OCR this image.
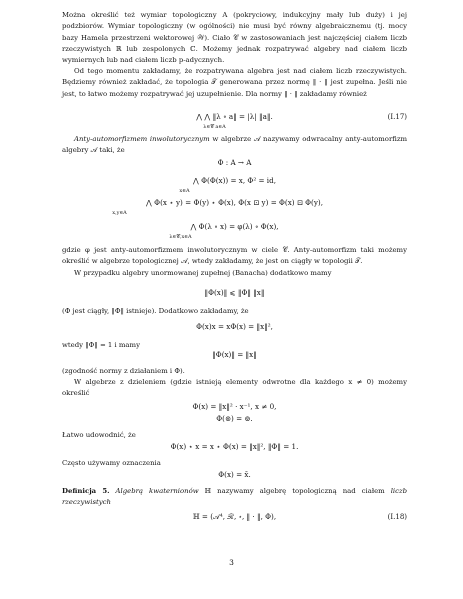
Można określić też wymiar topologiczny A (pokryciowy, indukcyjny mały lub duży) i jej podzbiorów. Wymiar topologiczny (w ogólności) nie musi być równy algebraicznemu (tj. mocy bazy Hamela przestrzeni wektorowej 𝒲). Ciało 𝒞 w zastosowaniach jest najczęściej ciałem liczb rzeczywistych ℝ lub zespolonych ℂ. Możemy jednak rozpatrywać algebry nad ciałem liczb wymiernych lub nad ciałem liczb p-adycznych.
Od tego momentu zakładamy, że rozpatrywana algebra jest nad ciałem liczb rzeczywistych. Będziemy również zakładać, że topologia 𝒯 generowana przez normę ‖ · ‖ jest zupełna. Jeśli nie jest, to łatwo możemy rozpatrywać jej uzupełnienie. Dla normy ‖ · ‖ zakładamy również
⋀ ⋀ ‖λ ∘ a‖ = |λ| ‖a‖.
λ∈𝒞 a∈A
(I.17)
Anty-automorfizmem inwolutorycznym w algebrze 𝒜 nazywamy odwracalny anty-automorfizm algebry 𝒜 taki, że
Φ : A → A
⋀ Φ(Φ(x)) = x, Φ² = id,
x∈A
⋀ Φ(x ⋆ y) = Φ(y) ⋆ Φ(x), Φ(x ⊡ y) = Φ(x) ⊡ Φ(y),
x,y∈A
⋀ Φ(λ ∘ x) = φ(λ) ∘ Φ(x),
λ∈𝒞,x∈A
gdzie φ jest anty-automorfizmem inwolutorycznym w ciele 𝒞. Anty-automorfizm taki możemy określić w algebrze topologicznej 𝒜, wtedy zakładamy, że jest on ciągły w topologii 𝒯.
W przypadku algebry unormowanej zupełnej (Banacha) dodatkowo mamy
‖Φ(x)‖ ⩽ ‖Φ‖ ‖x‖
(Φ jest ciągły, ‖Φ‖ istnieje). Dodatkowo zakładamy, że
Φ(x)x = xΦ(x) = ‖x‖²,
wtedy ‖Φ‖ = 1 i mamy
‖Φ(x)‖ = ‖x‖
(zgodność normy z działaniem i Φ).
W algebrze z dzieleniem (gdzie istnieją elementy odwrotne dla każdego x ≠ 0) możemy określić
Φ(x) = ‖x‖² · x⁻¹, x ≠ 0,
Φ(⊚) = ⊚.
Łatwo udowodnić, że
Φ(x) ⋆ x = x ⋆ Φ(x) = ‖x‖², ‖Φ‖ = 1.
Często używamy oznaczenia
Φ(x) = x̄.
Definicja 5. Algebrą kwaternionów ℍ nazywamy algebrę topologiczną nad ciałem liczb rzeczywistych
ℍ = (𝒜⁴, ℛ, ⋆, ‖ · ‖, Φ),	(I.18)
3
